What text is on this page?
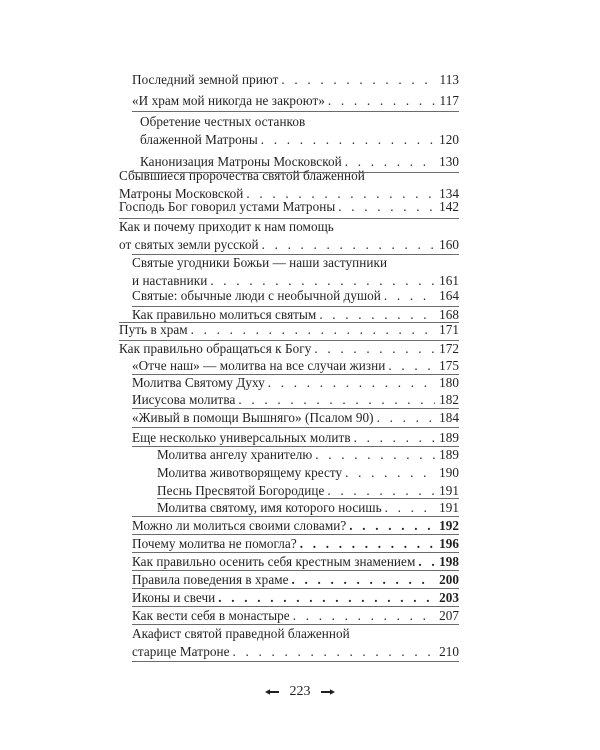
Последний земной приют . . .	113
«И храм мой никогда не закроют» . . .	117
Обретение честных останков
блаженной Матроны . . .	120
Канонизация Матроны Московской . . .	130
Сбывшиеся пророчества святой блаженной
Матроны Московской . . .	134
Господь Бог говорил устами Матроны . . .	142
Как и почему приходит к нам помощь
от святых земли русской . . .	160
Святые угодники Божьи — наши заступники
и наставники . . .	161
Святые: обычные люди с необычной душой . . .	164
Как правильно молиться святым . . .	168
Путь в храм . . .	171
Как правильно обращаться к Богу . . .	172
«Отче наш» — молитва на все случаи жизни . . .	175
Молитва Святому Духу . . .	180
Иисусова молитва . . .	182
«Живый в помощи Вышняго» (Псалом 90) . . .	184
Еще несколько универсальных молитв . . .	189
Молитва ангелу хранителю . . .	189
Молитва животворящему кресту . . .	190
Песнь Пресвятой Богородице . . .	191
Молитва святому, имя которого носишь . . .	191
Можно ли молиться своими словами? . . .	192
Почему молитва не помогла? . . .	196
Как правильно осенить себя крестным знамением . . . 198
Правила поведения в храме . . .	200
Иконы и свечи . . .	203
Как вести себя в монастыре . . .	207
Акафист святой праведной блаженной
старице Матроне . . .	210
223
